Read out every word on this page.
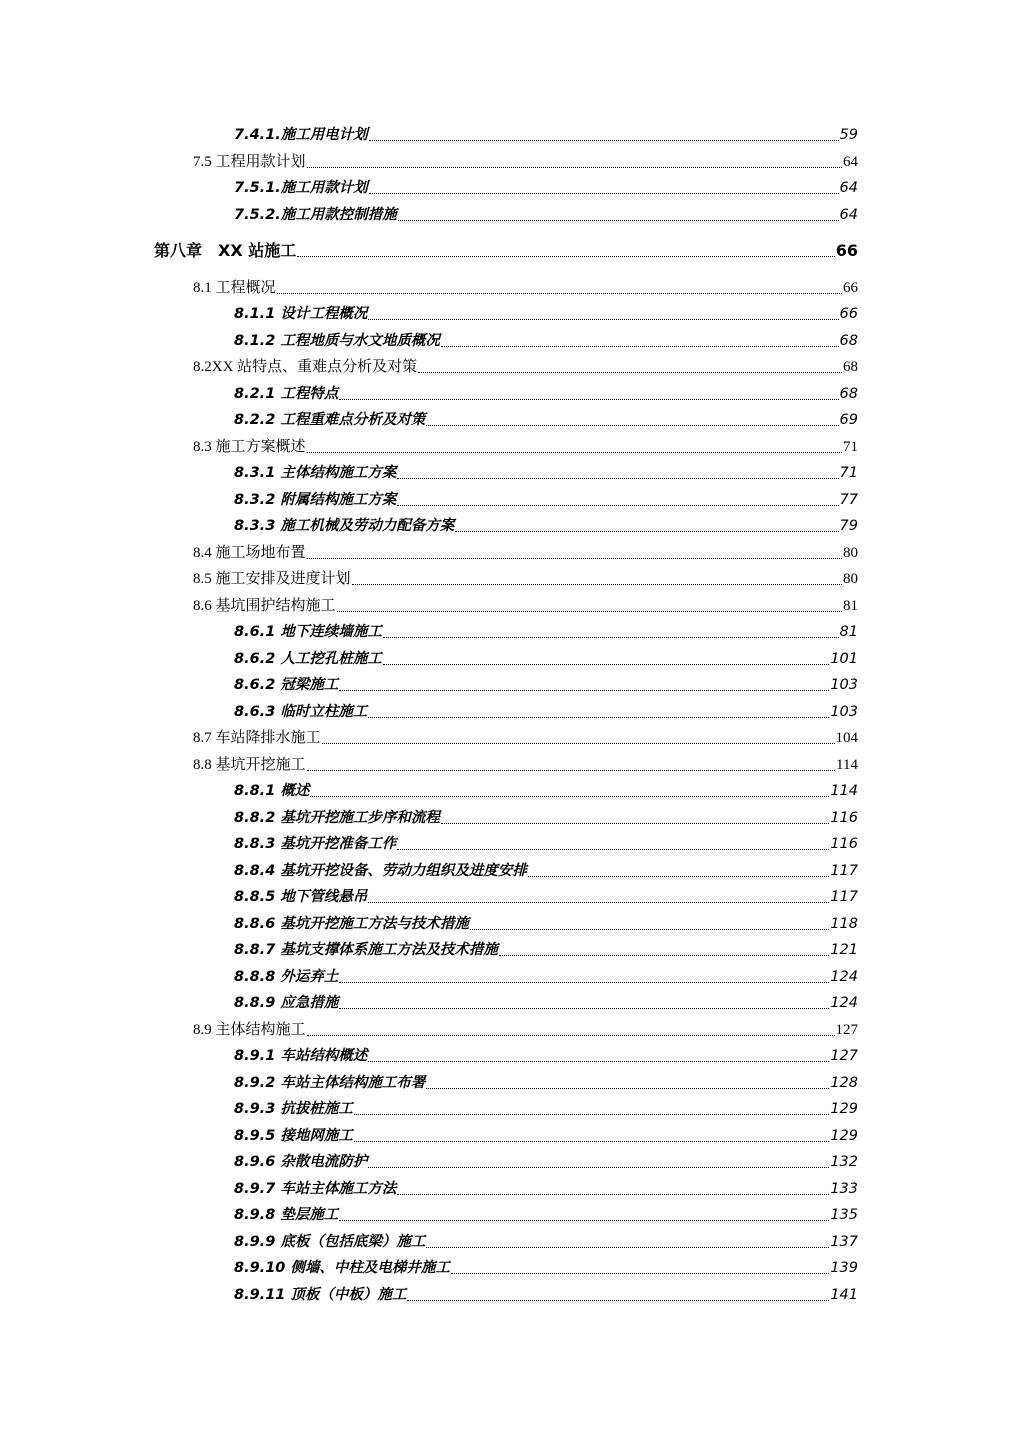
7.4.1.施工用电计划	59
7.5 工程用款计划	64
7.5.1.施工用款计划	64
7.5.2.施工用款控制措施	64
第八章　XX 站施工	66
8.1 工程概况	66
8.1.1 设计工程概况	66
8.1.2 工程地质与水文地质概况	68
8.2XX 站特点、重难点分析及对策	68
8.2.1 工程特点	68
8.2.2 工程重难点分析及对策	69
8.3 施工方案概述	71
8.3.1 主体结构施工方案	71
8.3.2 附属结构施工方案	77
8.3.3 施工机械及劳动力配备方案	79
8.4 施工场地布置	80
8.5 施工安排及进度计划	80
8.6 基坑围护结构施工	81
8.6.1 地下连续墙施工	81
8.6.2 人工挖孔桩施工	101
8.6.2 冠梁施工	103
8.6.3 临时立柱施工	103
8.7 车站降排水施工	104
8.8 基坑开挖施工	114
8.8.1 概述	114
8.8.2 基坑开挖施工步序和流程	116
8.8.3 基坑开挖准备工作	116
8.8.4 基坑开挖设备、劳动力组织及进度安排	117
8.8.5 地下管线悬吊	117
8.8.6 基坑开挖施工方法与技术措施	118
8.8.7 基坑支撑体系施工方法及技术措施	121
8.8.8 外运弃土	124
8.8.9 应急措施	124
8.9 主体结构施工	127
8.9.1 车站结构概述	127
8.9.2 车站主体结构施工布署	128
8.9.3 抗拔桩施工	129
8.9.5 接地网施工	129
8.9.6 杂散电流防护	132
8.9.7 车站主体施工方法	133
8.9.8 垫层施工	135
8.9.9 底板（包括底梁）施工	137
8.9.10 侧墙、中柱及电梯井施工	139
8.9.11 顶板（中板）施工	141
